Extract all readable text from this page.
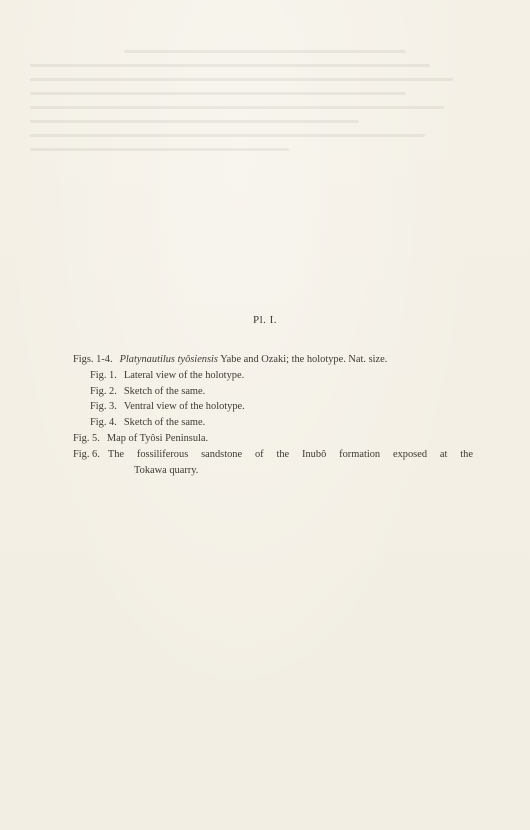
Pl. I.
Figs. 1-4. Platynautilus tyôsiensis Yabe and Ozaki; the holotype. Nat. size.
Fig. 1. Lateral view of the holotype.
Fig. 2. Sketch of the same.
Fig. 3. Ventral view of the holotype.
Fig. 4. Sketch of the same.
Fig. 5. Map of Tyôsi Peninsula.
Fig. 6. The fossiliferous sandstone of the Inubô formation exposed at the
Tokawa quarry.
